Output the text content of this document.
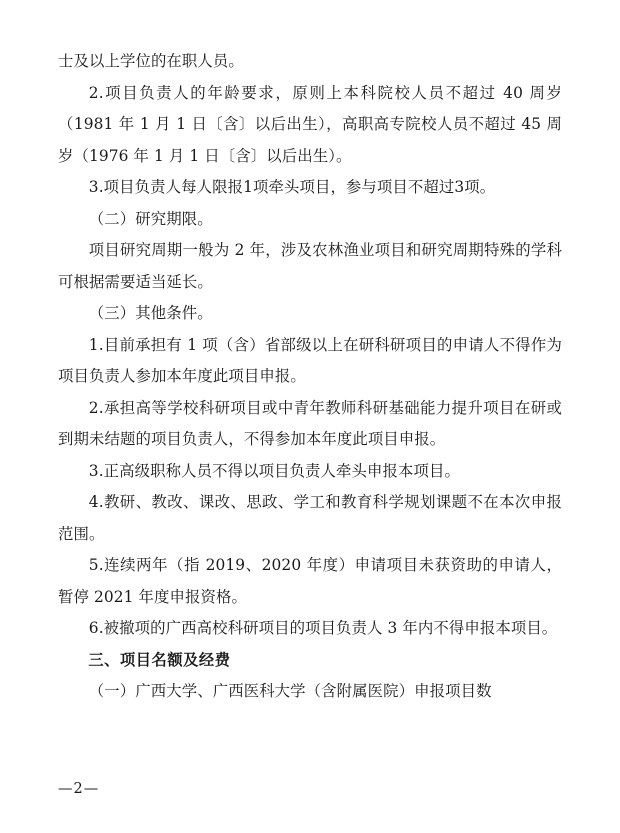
士及以上学位的在职人员。

2.项目负责人的年龄要求，原则上本科院校人员不超过 40 周岁（1981 年 1 月 1 日〔含〕以后出生），高职高专院校人员不超过 45 周岁（1976 年 1 月 1 日〔含〕以后出生）。

3.项目负责人每人限报1项牵头项目，参与项目不超过3项。

（二）研究期限。

项目研究周期一般为 2 年，涉及农林渔业项目和研究周期特殊的学科可根据需要适当延长。

（三）其他条件。

1.目前承担有 1 项（含）省部级以上在研科研项目的申请人不得作为项目负责人参加本年度此项目申报。

2.承担高等学校科研项目或中青年教师科研基础能力提升项目在研或到期未结题的项目负责人，不得参加本年度此项目申报。

3.正高级职称人员不得以项目负责人牵头申报本项目。

4.教研、教改、课改、思政、学工和教育科学规划课题不在本次申报范围。

5.连续两年（指 2019、2020 年度）申请项目未获资助的申请人，暂停 2021 年度申报资格。

6.被撤项的广西高校科研项目的项目负责人 3 年内不得申报本项目。

三、项目名额及经费

（一）广西大学、广西医科大学（含附属医院）申报项目数

—2—
